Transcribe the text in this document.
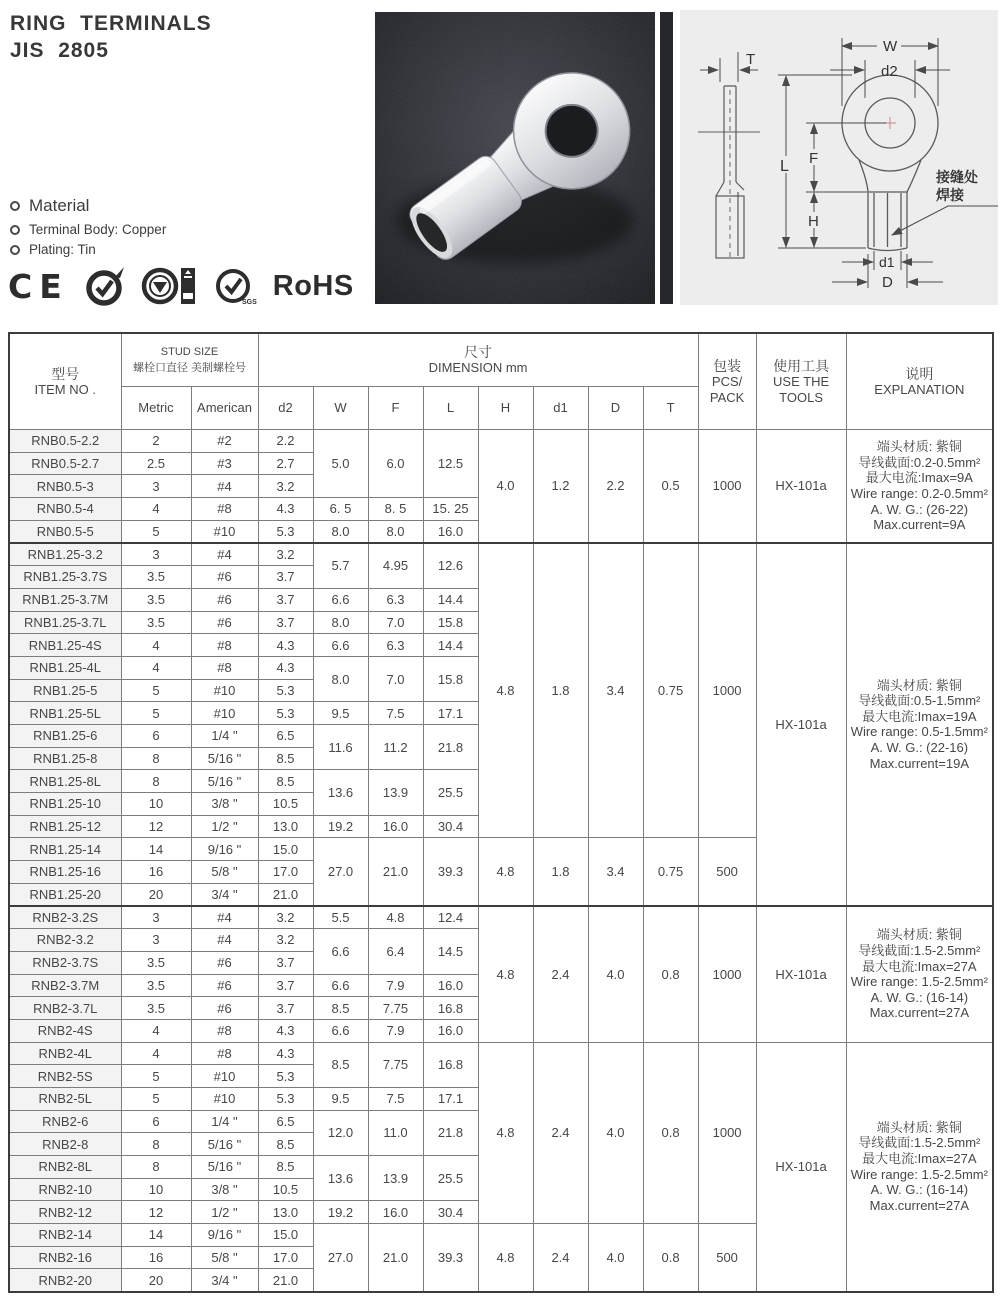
RING  TERMINALS
JIS  2805
Material
Terminal Body: Copper
Plating: Tin
CE	SGS
RoHS
T
W
d2
L F
H
d1
D
接缝处
焊接
型号
ITEM NO .

STUD SIZE
螺栓口直径 美制螺栓号

尺寸
DIMENSION mm	包装
PCS/
PACK

使用工具
USE THE
TOOLS

说明
EXPLANATION

	Metric	American	d2	W	F	L	H	d1	D	T			
RNB0.5-2.2	2	#2	2.2	5.0	6.0	12.5	4.0	1.2	2.2	0.5	1000	HX-101a	
端头材质: 紫铜
导线截面:0.2-0.5mm²
最大电流:Imax=9A
Wire range: 0.2-0.5mm²
A. W. G.: (26-22)
Max.current=9A

RNB0.5-2.7	2.5	#3	2.7										
RNB0.5-3	3	#4	3.2										
RNB0.5-4	4	#8	4.3	6. 5	8. 5	15. 25							
RNB0.5-5	5	#10	5.3	8.0	8.0	16.0							
RNB1.25-3.2	3	#4	3.2	5.7	4.95	12.6	4.8	1.8	3.4	0.75	1000	HX-101a	
端头材质: 紫铜
导线截面:0.5-1.5mm²
最大电流:Imax=19A
Wire range: 0.5-1.5mm²
A. W. G.: (22-16)
Max.current=19A

RNB1.25-3.7S	3.5	#6	3.7										
RNB1.25-3.7M	3.5	#6	3.7	6.6	6.3	14.4							
RNB1.25-3.7L	3.5	#6	3.7	8.0	7.0	15.8							
RNB1.25-4S	4	#8	4.3	6.6	6.3	14.4							
RNB1.25-4L	4	#8	4.3	8.0	7.0	15.8							
RNB1.25-5	5	#10	5.3										
RNB1.25-5L	5	#10	5.3	9.5	7.5	17.1							
RNB1.25-6	6	1/4 "	6.5	11.6	11.2	21.8							
RNB1.25-8	8	5/16 "	8.5										
RNB1.25-8L	8	5/16 "	8.5	13.6	13.9	25.5							
RNB1.25-10	10	3/8 "	10.5										
RNB1.25-12	12	1/2 "	13.0	19.2	16.0	30.4							
RNB1.25-14	14	9/16 "	15.0	27.0	21.0	39.3	4.8	1.8	3.4	0.75	500		
RNB1.25-16	16	5/8 "	17.0										
RNB1.25-20	20	3/4 "	21.0										
RNB2-3.2S	3	#4	3.2	5.5	4.8	12.4	4.8	2.4	4.0	0.8	1000	HX-101a	
端头材质: 紫铜
导线截面:1.5-2.5mm²
最大电流:Imax=27A
Wire range: 1.5-2.5mm²
A. W. G.: (16-14)
Max.current=27A

RNB2-3.2	3	#4	3.2	6.6	6.4	14.5							
RNB2-3.7S	3.5	#6	3.7										
RNB2-3.7M	3.5	#6	3.7	6.6	7.9	16.0							
RNB2-3.7L	3.5	#6	3.7	8.5	7.75	16.8							
RNB2-4S	4	#8	4.3	6.6	7.9	16.0							
RNB2-4L	4	#8	4.3	8.5	7.75	16.8	4.8	2.4	4.0	0.8	1000	HX-101a	
端头材质: 紫铜
导线截面:1.5-2.5mm²
最大电流:Imax=27A
Wire range: 1.5-2.5mm²
A. W. G.: (16-14)
Max.current=27A

RNB2-5S	5	#10	5.3										
RNB2-5L	5	#10	5.3	9.5	7.5	17.1							
RNB2-6	6	1/4 "	6.5	12.0	11.0	21.8							
RNB2-8	8	5/16 "	8.5										
RNB2-8L	8	5/16 "	8.5	13.6	13.9	25.5							
RNB2-10	10	3/8 "	10.5										
RNB2-12	12	1/2 "	13.0	19.2	16.0	30.4							
RNB2-14	14	9/16 "	15.0	27.0	21.0	39.3	4.8	2.4	4.0	0.8	500		
RNB2-16	16	5/8 "	17.0										
RNB2-20	20	3/4 "	21.0										
